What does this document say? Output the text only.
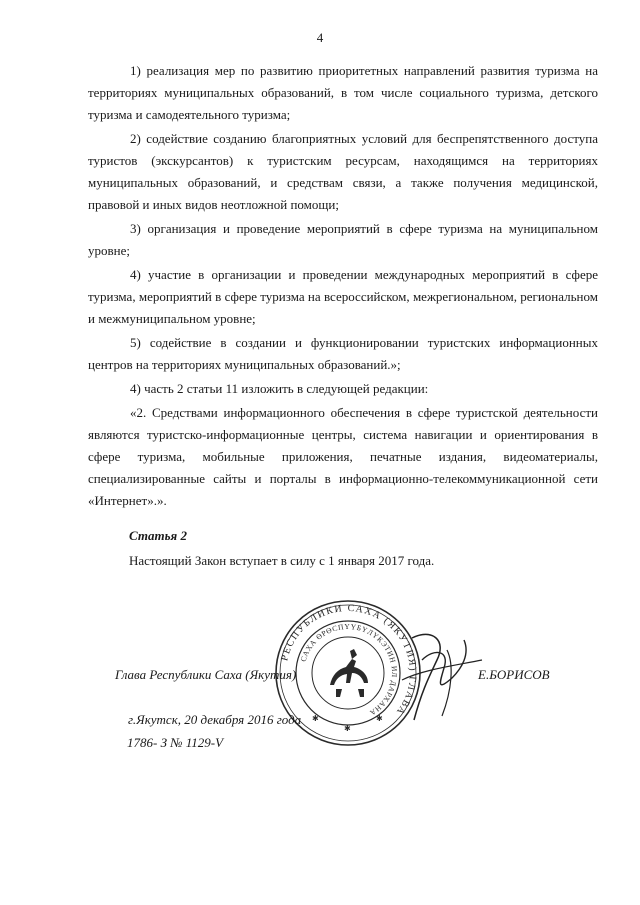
4

1) реализация мер по развитию приоритетных направлений развития туризма на территориях муниципальных образований, в том числе социального туризма, детского туризма и самодеятельного туризма;

2) содействие созданию благоприятных условий для беспрепятственного доступа туристов (экскурсантов) к туристским ресурсам, находящимся на территориях муниципальных образований, и средствам связи, а также получения медицинской, правовой и иных видов неотложной помощи;

3) организация и проведение мероприятий в сфере туризма на муниципальном уровне;

4) участие в организации и проведении международных мероприятий в сфере туризма, мероприятий в сфере туризма на всероссийском, межрегиональном, региональном и межмуниципальном уровне;

5) содействие в создании и функционировании туристских информационных центров на территориях муниципальных образований.»;

4) часть 2 статьи 11 изложить в следующей редакции:

«2. Средствами информационного обеспечения в сфере туристской деятельности являются туристско-информационные центры, система навигации и ориентирования в сфере туризма, мобильные приложения, печатные издания, видеоматериалы, специализированные сайты и порталы в информационно-телекоммуникационной сети «Интернет».».

Статья 2
Настоящий Закон вступает в силу с 1 января 2017 года.
РЕСПУБЛИКИ САХА (ЯКУТИЯ) ГЛАВА
САХА ӨРӨСПҮҮБҮЛҮКЭТИН ИЛ ДАРХАНА
✱	✱
✱
Глава Республики Саха (Якутия)	Е.БОРИСОВ
г.Якутск, 20 декабря 2016 года
1786- З № 1129-V
